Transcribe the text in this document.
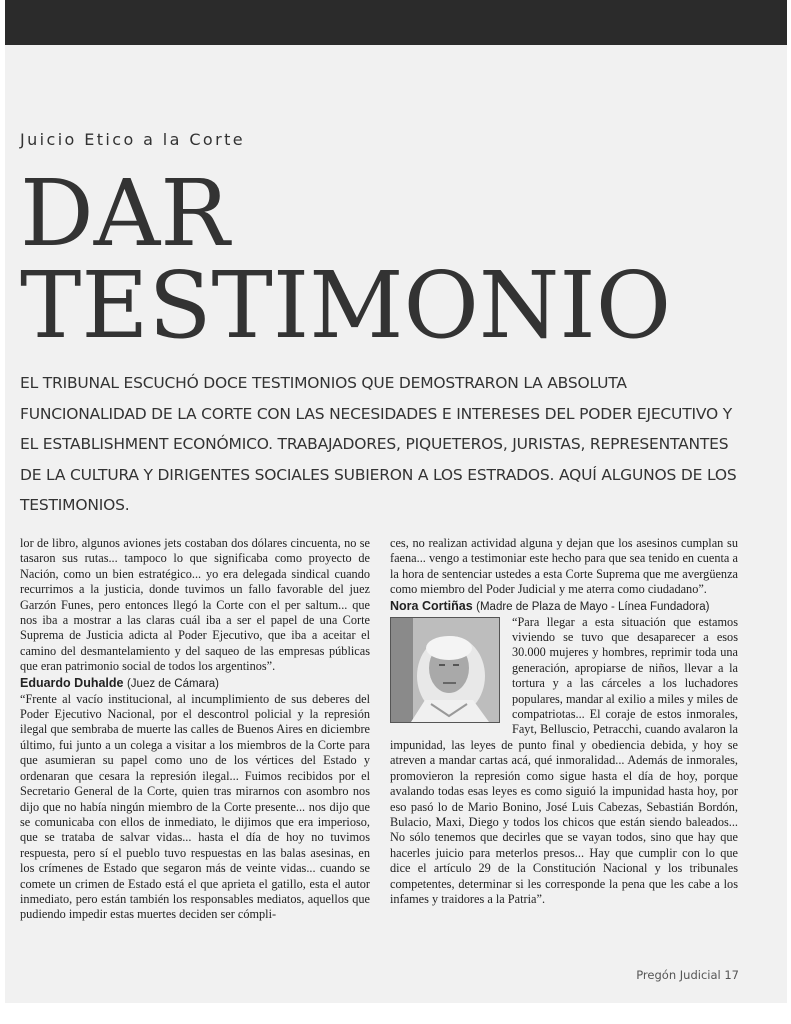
Juicio Etico a la Corte
DAR
TESTIMONIO

EL TRIBUNAL ESCUCHÓ DOCE TESTIMONIOS QUE DEMOSTRARON LA ABSOLUTA FUNCIONALIDAD DE LA CORTE CON LAS NECESIDADES E INTERESES DEL PODER EJECUTIVO Y EL ESTABLISHMENT ECONÓMICO. TRABAJADORES, PIQUETEROS, JURISTAS, REPRESENTANTES DE LA CULTURA Y DIRIGENTES SOCIALES SUBIERON A LOS ESTRADOS. AQUÍ ALGUNOS DE LOS TESTIMONIOS.

lor de libro, algunos aviones jets costaban dos dólares cincuenta, no se tasaron sus rutas... tampoco lo que significaba como proyecto de Nación, como un bien estratégico... yo era delegada sindical cuando recurrimos a la justicia, donde tuvimos un fallo favorable del juez Garzón Funes, pero entonces llegó la Corte con el per saltum... que nos iba a mostrar a las claras cuál iba a ser el papel de una Corte Suprema de Justicia adicta al Poder Ejecutivo, que iba a aceitar el camino del desmantelamiento y del saqueo de las empresas públicas que eran patrimonio social de todos los argentinos”.

Eduardo Duhalde (Juez de Cámara)

“Frente al vacío institucional, al incumplimiento de sus deberes del Poder Ejecutivo Nacional, por el descontrol policial y la represión ilegal que sembraba de muerte las calles de Buenos Aires en diciembre último, fui junto a un colega a visitar a los miembros de la Corte para que asumieran su papel como uno de los vértices del Estado y ordenaran que cesara la represión ilegal... Fuimos recibidos por el Secretario General de la Corte, quien tras mirarnos con asombro nos dijo que no había ningún miembro de la Corte presente... nos dijo que se comunicaba con ellos de inmediato, le dijimos que era imperioso, que se trataba de salvar vidas... hasta el día de hoy no tuvimos respuesta, pero sí el pueblo tuvo respuestas en las balas asesinas, en los crímenes de Estado que segaron más de veinte vidas... cuando se comete un crimen de Estado está el que aprieta el gatillo, esta el autor inmediato, pero están también los responsables mediatos, aquellos que pudiendo impedir estas muertes deciden ser cómpli-

ces, no realizan actividad alguna y dejan que los asesinos cumplan su faena... vengo a testimoniar este hecho para que sea tenido en cuenta a la hora de sentenciar ustedes a esta Corte Suprema que me avergüenza como miembro del Poder Judicial y me aterra como ciudadano”.

Nora Cortiñas (Madre de Plaza de Mayo - Línea Fundadora)

“Para llegar a esta situación que estamos viviendo se tuvo que desaparecer a esos 30.000 mujeres y hombres, reprimir toda una generación, apropiarse de niños, llevar a la tortura y a las cárceles a los luchadores populares, mandar al exilio a miles y miles de compatriotas... El coraje de estos inmorales, Fayt, Belluscio, Petracchi, cuando avalaron la impunidad, las leyes de punto final y obediencia debida, y hoy se atreven a mandar cartas acá, qué inmoralidad... Además de inmorales, promovieron la represión como sigue hasta el día de hoy, porque avalando todas esas leyes es como siguió la impunidad hasta hoy, por eso pasó lo de Mario Bonino, José Luis Cabezas, Sebastián Bordón, Bulacio, Maxi, Diego y todos los chicos que están siendo baleados... No sólo tenemos que decirles que se vayan todos, sino que hay que hacerles juicio para meterlos presos... Hay que cumplir con lo que dice el artículo 29 de la Constitución Nacional y los tribunales competentes, determinar si les corresponde la pena que les cabe a los infames y traidores a la Patria”.

Pregón Judicial 17
